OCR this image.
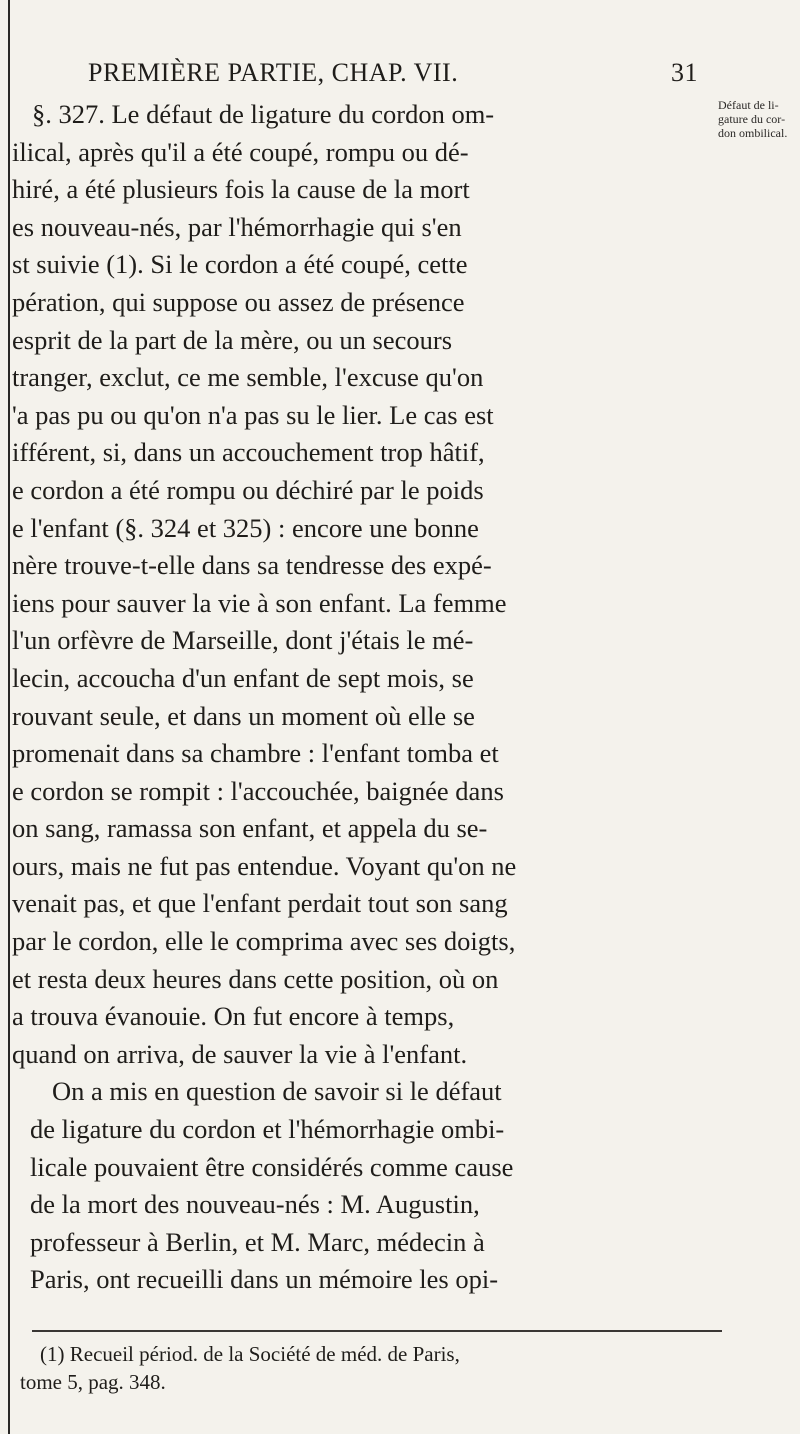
PREMIÈRE PARTIE, CHAP. VII.	31
Défaut de li-
gature du cor-
don ombilical.
§. 327. Le défaut de ligature du cordon om-
ilical, après qu'il a été coupé, rompu ou dé-
hiré, a été plusieurs fois la cause de la mort
es nouveau-nés, par l'hémorrhagie qui s'en
st suivie (1). Si le cordon a été coupé, cette
pération, qui suppose ou assez de présence
esprit de la part de la mère, ou un secours
tranger, exclut, ce me semble, l'excuse qu'on
'a pas pu ou qu'on n'a pas su le lier. Le cas est
ifférent, si, dans un accouchement trop hâtif,
e cordon a été rompu ou déchiré par le poids
e l'enfant (§. 324 et 325) : encore une bonne
nère trouve-t-elle dans sa tendresse des expé-
iens pour sauver la vie à son enfant. La femme
l'un orfèvre de Marseille, dont j'étais le mé-
lecin, accoucha d'un enfant de sept mois, se
rouvant seule, et dans un moment où elle se
promenait dans sa chambre : l'enfant tomba et
e cordon se rompit : l'accouchée, baignée dans
on sang, ramassa son enfant, et appela du se-
ours, mais ne fut pas entendue. Voyant qu'on ne
venait pas, et que l'enfant perdait tout son sang
par le cordon, elle le comprima avec ses doigts,
et resta deux heures dans cette position, où on
a trouva évanouie. On fut encore à temps,
quand on arriva, de sauver la vie à l'enfant.
On a mis en question de savoir si le défaut
de ligature du cordon et l'hémorrhagie ombi-
licale pouvaient être considérés comme cause
de la mort des nouveau-nés : M. Augustin,
professeur à Berlin, et M. Marc, médecin à
Paris, ont recueilli dans un mémoire les opi-
(1) Recueil périod. de la Société de méd. de Paris,
tome 5, pag. 348.
